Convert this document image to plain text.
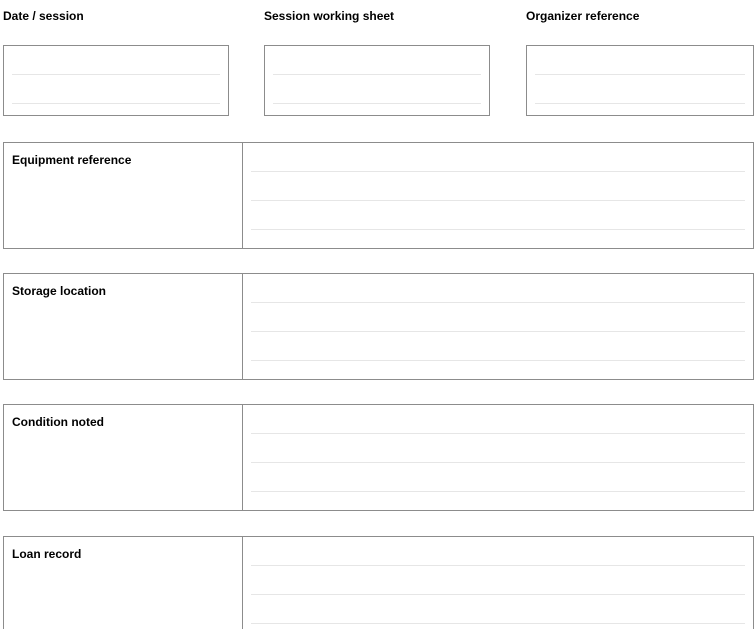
Date / session	Session working sheet	Organizer reference
Equipment reference
Storage location
Condition noted
Loan record
